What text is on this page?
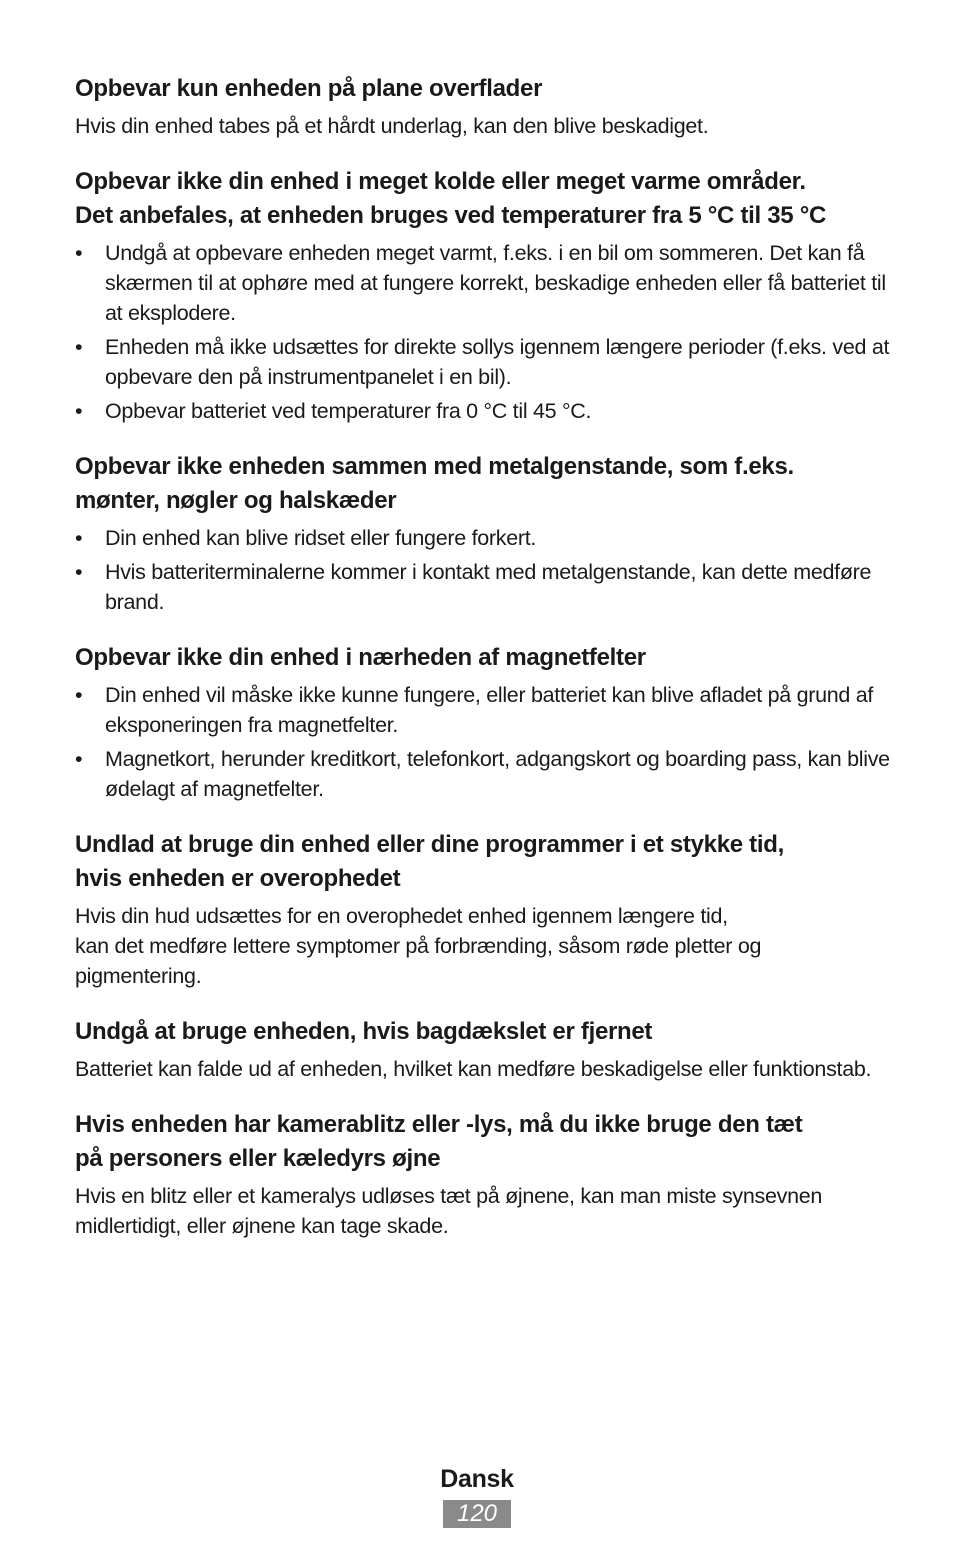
Opbevar kun enheden på plane overflader

Hvis din enhed tabes på et hårdt underlag, kan den blive beskadiget.

Opbevar ikke din enhed i meget kolde eller meget varme områder.
Det anbefales, at enheden bruges ved temperaturer fra 5 °C til 35 °C
•	Undgå at opbevare enheden meget varmt, f.eks. i en bil om sommeren. Det kan få skærmen til at ophøre med at fungere korrekt, beskadige enheden eller få batteriet til at eksplodere.
•	Enheden må ikke udsættes for direkte sollys igennem længere perioder (f.eks. ved at opbevare den på instrumentpanelet i en bil).
•	Opbevar batteriet ved temperaturer fra 0 °C til 45 °C.
Opbevar ikke enheden sammen med metalgenstande, som f.eks.
mønter, nøgler og halskæder
•	Din enhed kan blive ridset eller fungere forkert.
•	Hvis batteriterminalerne kommer i kontakt med metalgenstande, kan dette medføre brand.
Opbevar ikke din enhed i nærheden af magnetfelter
•	Din enhed vil måske ikke kunne fungere, eller batteriet kan blive afladet på grund af eksponeringen fra magnetfelter.
•	Magnetkort, herunder kreditkort, telefonkort, adgangskort og boarding pass, kan blive ødelagt af magnetfelter.
Undlad at bruge din enhed eller dine programmer i et stykke tid,
hvis enheden er overophedet

Hvis din hud udsættes for en overophedet enhed igennem længere tid,
kan det medføre lettere symptomer på forbrænding, såsom røde pletter og pigmentering.

Undgå at bruge enheden, hvis bagdækslet er fjernet

Batteriet kan falde ud af enheden, hvilket kan medføre beskadigelse eller funktionstab.

Hvis enheden har kamerablitz eller -lys, må du ikke bruge den tæt
på personers eller kæledyrs øjne

Hvis en blitz eller et kameralys udløses tæt på øjnene, kan man miste synsevnen midlertidigt, eller øjnene kan tage skade.

Dansk
120
